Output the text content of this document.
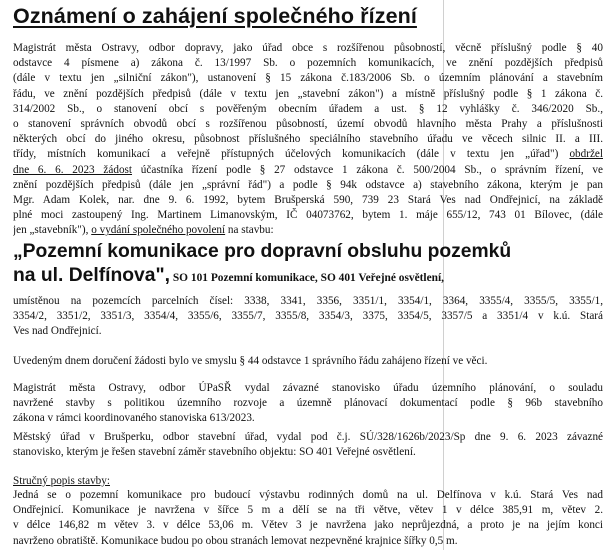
Oznámení o zahájení společného řízení
Magistrát města Ostravy, odbor dopravy, jako úřad obce s rozšířenou působností, věcně příslušný podle § 40
odstavce 4 písmene a) zákona č. 13/1997 Sb. o pozemních komunikacích, ve znění pozdějších předpisů
(dále v textu jen „silniční zákon"), ustanovení § 15 zákona č.183/2006 Sb. o územním plánování a stavebním
řádu, ve znění pozdějších předpisů (dále v textu jen „stavební zákon") a místně příslušný podle § 1 zákona č.
314/2002 Sb., o stanovení obcí s pověřeným obecním úřadem a ust. § 12 vyhlášky č. 346/2020 Sb.,
o stanovení správních obvodů obcí s rozšířenou působností, území obvodů hlavního města Prahy a příslušnosti
některých obcí do jiného okresu, působnost příslušného speciálního stavebního úřadu ve věcech silnic II. a III.
třídy, místních komunikací a veřejně přístupných účelových komunikacích (dále v textu jen „úřad") obdržel
dne 6. 6. 2023 žádost účastníka řízení podle § 27 odstavce 1 zákona č. 500/2004 Sb., o správním řízení, ve
znění pozdějších předpisů (dále jen „správní řád") a podle § 94k odstavce a) stavebního zákona, kterým je pan
Mgr. Adam Kolek, nar. dne 9. 6. 1992, bytem Brušperská 590, 739 23 Stará Ves nad Ondřejnicí, na základě
plné moci zastoupený Ing. Martinem Limanovským, IČ 04073762, bytem 1. máje 655/12, 743 01 Bílovec, (dále
jen „stavebník"), o vydání společného povolení na stavbu:
„Pozemní komunikace pro dopravní obsluhu pozemků
na ul. Delfínova", SO 101 Pozemní komunikace, SO 401 Veřejné osvětlení,
umístěnou na pozemcích parcelních čísel: 3338, 3341, 3356, 3351/1, 3354/1, 3364, 3355/4, 3355/5, 3355/1,
3354/2, 3351/2, 3351/3, 3354/4, 3355/6, 3355/7, 3355/8, 3354/3, 3375, 3354/5, 3357/5 a 3351/4 v k.ú. Stará
Ves nad Ondřejnicí.
Uvedeným dnem doručení žádosti bylo ve smyslu § 44 odstavce 1 správního řádu zahájeno řízení ve věci.
Magistrát města Ostravy, odbor ÚPaSŘ vydal závazné stanovisko úřadu územního plánování, o souladu
navržené stavby s politikou územního rozvoje a územně plánovací dokumentací podle § 96b stavebního
zákona v rámci koordinovaného stanoviska 613/2023.
Městský úřad v Brušperku, odbor stavební úřad, vydal pod č.j. SÚ/328/1626b/2023/Sp dne 9. 6. 2023 závazné
stanovisko, kterým je řešen stavební záměr stavebního objektu: SO 401 Veřejné osvětlení.
Stručný popis stavby:
Jedná se o pozemní komunikace pro budoucí výstavbu rodinných domů na ul. Delfínova v k.ú. Stará Ves nad
Ondřejnicí. Komunikace je navržena v šířce 5 m a dělí se na tři větve, větev 1 v délce 385,91 m, větev 2.
v délce 146,82 m větev 3. v délce 53,06 m. Větev 3 je navržena jako neprůjezdná, a proto je na jejím konci
navrženo obratiště. Komunikace budou po obou stranách lemovat nezpevněné krajnice šířky 0,5 m.
